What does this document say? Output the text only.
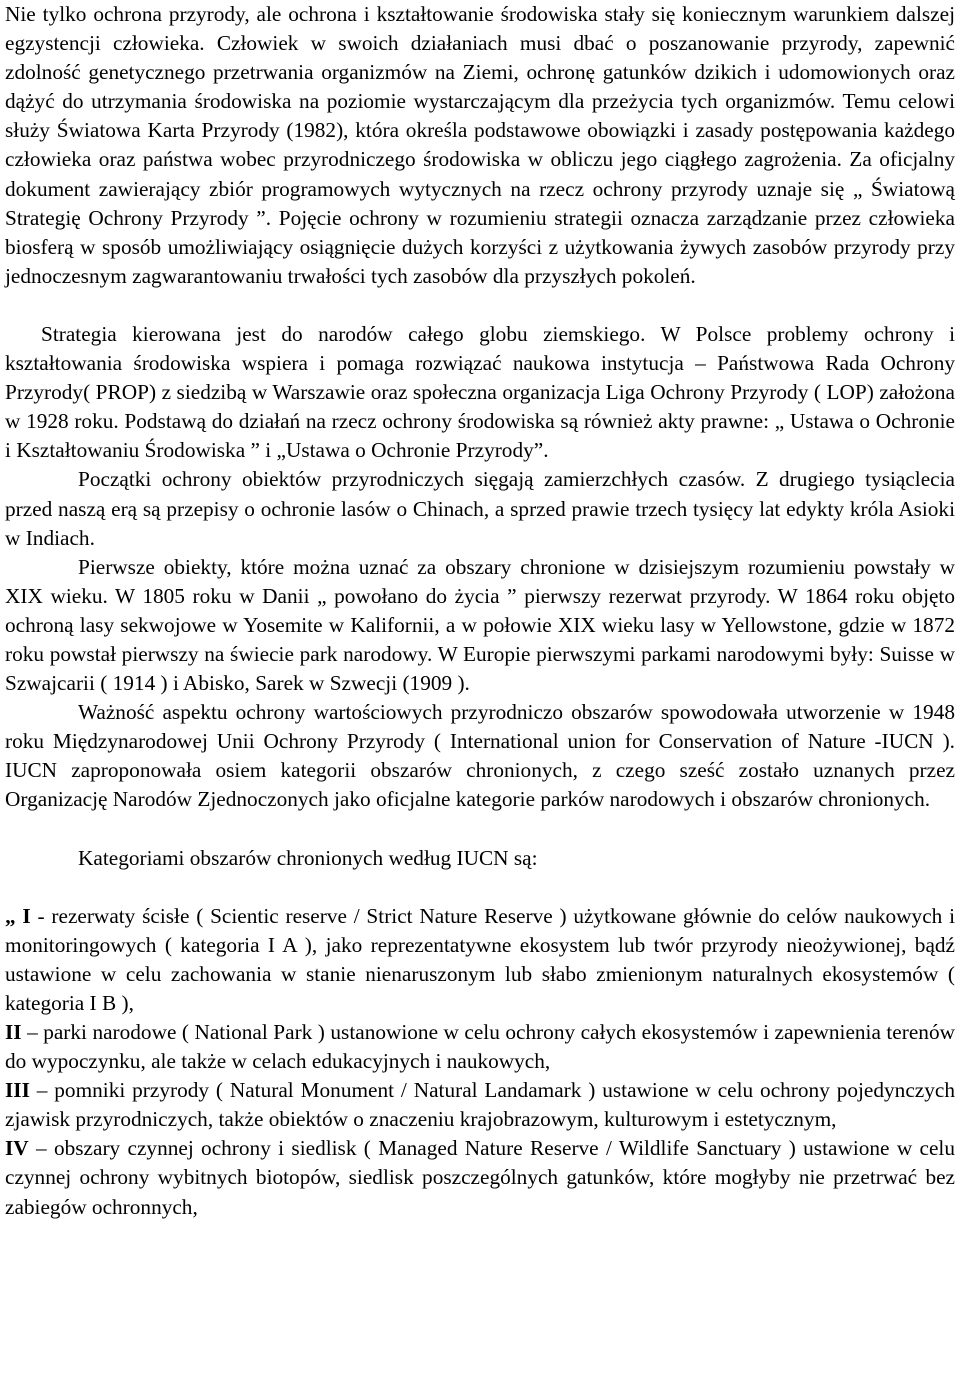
Nie tylko ochrona przyrody, ale ochrona i kształtowanie środowiska stały się koniecznym warunkiem dalszej egzystencji człowieka. Człowiek w swoich działaniach musi dbać o poszanowanie przyrody, zapewnić zdolność genetycznego przetrwania organizmów na Ziemi, ochronę gatunków dzikich i udomowionych oraz dążyć do utrzymania środowiska na poziomie wystarczającym dla przeżycia tych organizmów. Temu celowi służy Światowa Karta Przyrody (1982), która określa podstawowe obowiązki i zasady postępowania każdego człowieka oraz państwa wobec przyrodniczego środowiska w obliczu jego ciągłego zagrożenia. Za oficjalny dokument zawierający zbiór programowych wytycznych na rzecz ochrony przyrody uznaje się „ Światową Strategię Ochrony Przyrody ”. Pojęcie ochrony w rozumieniu strategii oznacza zarządzanie przez człowieka biosferą w sposób umożliwiający osiągnięcie dużych korzyści z użytkowania żywych zasobów przyrody przy jednoczesnym zagwarantowaniu trwałości tych zasobów dla przyszłych pokoleń.

Strategia kierowana jest do narodów całego globu ziemskiego. W Polsce problemy ochrony i kształtowania środowiska wspiera i pomaga rozwiązać naukowa instytucja – Państwowa Rada Ochrony Przyrody( PROP) z siedzibą w Warszawie oraz społeczna organizacja Liga Ochrony Przyrody ( LOP) założona w 1928 roku. Podstawą do działań na rzecz ochrony środowiska są również akty prawne: „ Ustawa o Ochronie i Kształtowaniu Środowiska ” i „Ustawa o Ochronie Przyrody”.

Początki ochrony obiektów przyrodniczych sięgają zamierzchłych czasów. Z drugiego tysiąclecia przed naszą erą są przepisy o ochronie lasów o Chinach, a sprzed prawie trzech tysięcy lat edykty króla Asioki w Indiach.

Pierwsze obiekty, które można uznać za obszary chronione w dzisiejszym rozumieniu powstały w XIX wieku. W 1805 roku w Danii „ powołano do życia ” pierwszy rezerwat przyrody. W 1864 roku objęto ochroną lasy sekwojowe w Yosemite w Kalifornii, a w połowie XIX wieku lasy w Yellowstone, gdzie w 1872 roku powstał pierwszy na świecie park narodowy. W Europie pierwszymi parkami narodowymi były: Suisse w Szwajcarii ( 1914 ) i Abisko, Sarek w Szwecji (1909 ).

Ważność aspektu ochrony wartościowych przyrodniczo obszarów spowodowała utworzenie w 1948 roku Międzynarodowej Unii Ochrony Przyrody ( International union for Conservation of Nature -IUCN ). IUCN zaproponowała osiem kategorii obszarów chronionych, z czego sześć zostało uznanych przez Organizację Narodów Zjednoczonych jako oficjalne kategorie parków narodowych i obszarów chronionych.

Kategoriami obszarów chronionych według IUCN są:

„ I - rezerwaty ścisłe ( Scientic reserve / Strict Nature Reserve ) użytkowane głównie do celów naukowych i monitoringowych ( kategoria I A ), jako reprezentatywne ekosystem lub twór przyrody nieożywionej, bądź ustawione w celu zachowania w stanie nienaruszonym lub słabo zmienionym naturalnych ekosystemów ( kategoria I B ),

II – parki narodowe ( National Park ) ustanowione w celu ochrony całych ekosystemów i zapewnienia terenów do wypoczynku, ale także w celach edukacyjnych i naukowych,

III – pomniki przyrody ( Natural Monument / Natural Landamark ) ustawione w celu ochrony pojedynczych zjawisk przyrodniczych, także obiektów o znaczeniu krajobrazowym, kulturowym i estetycznym,

IV – obszary czynnej ochrony i siedlisk ( Managed Nature Reserve / Wildlife Sanctuary ) ustawione w celu czynnej ochrony wybitnych biotopów, siedlisk poszczególnych gatunków, które mogłyby nie przetrwać bez zabiegów ochronnych,
